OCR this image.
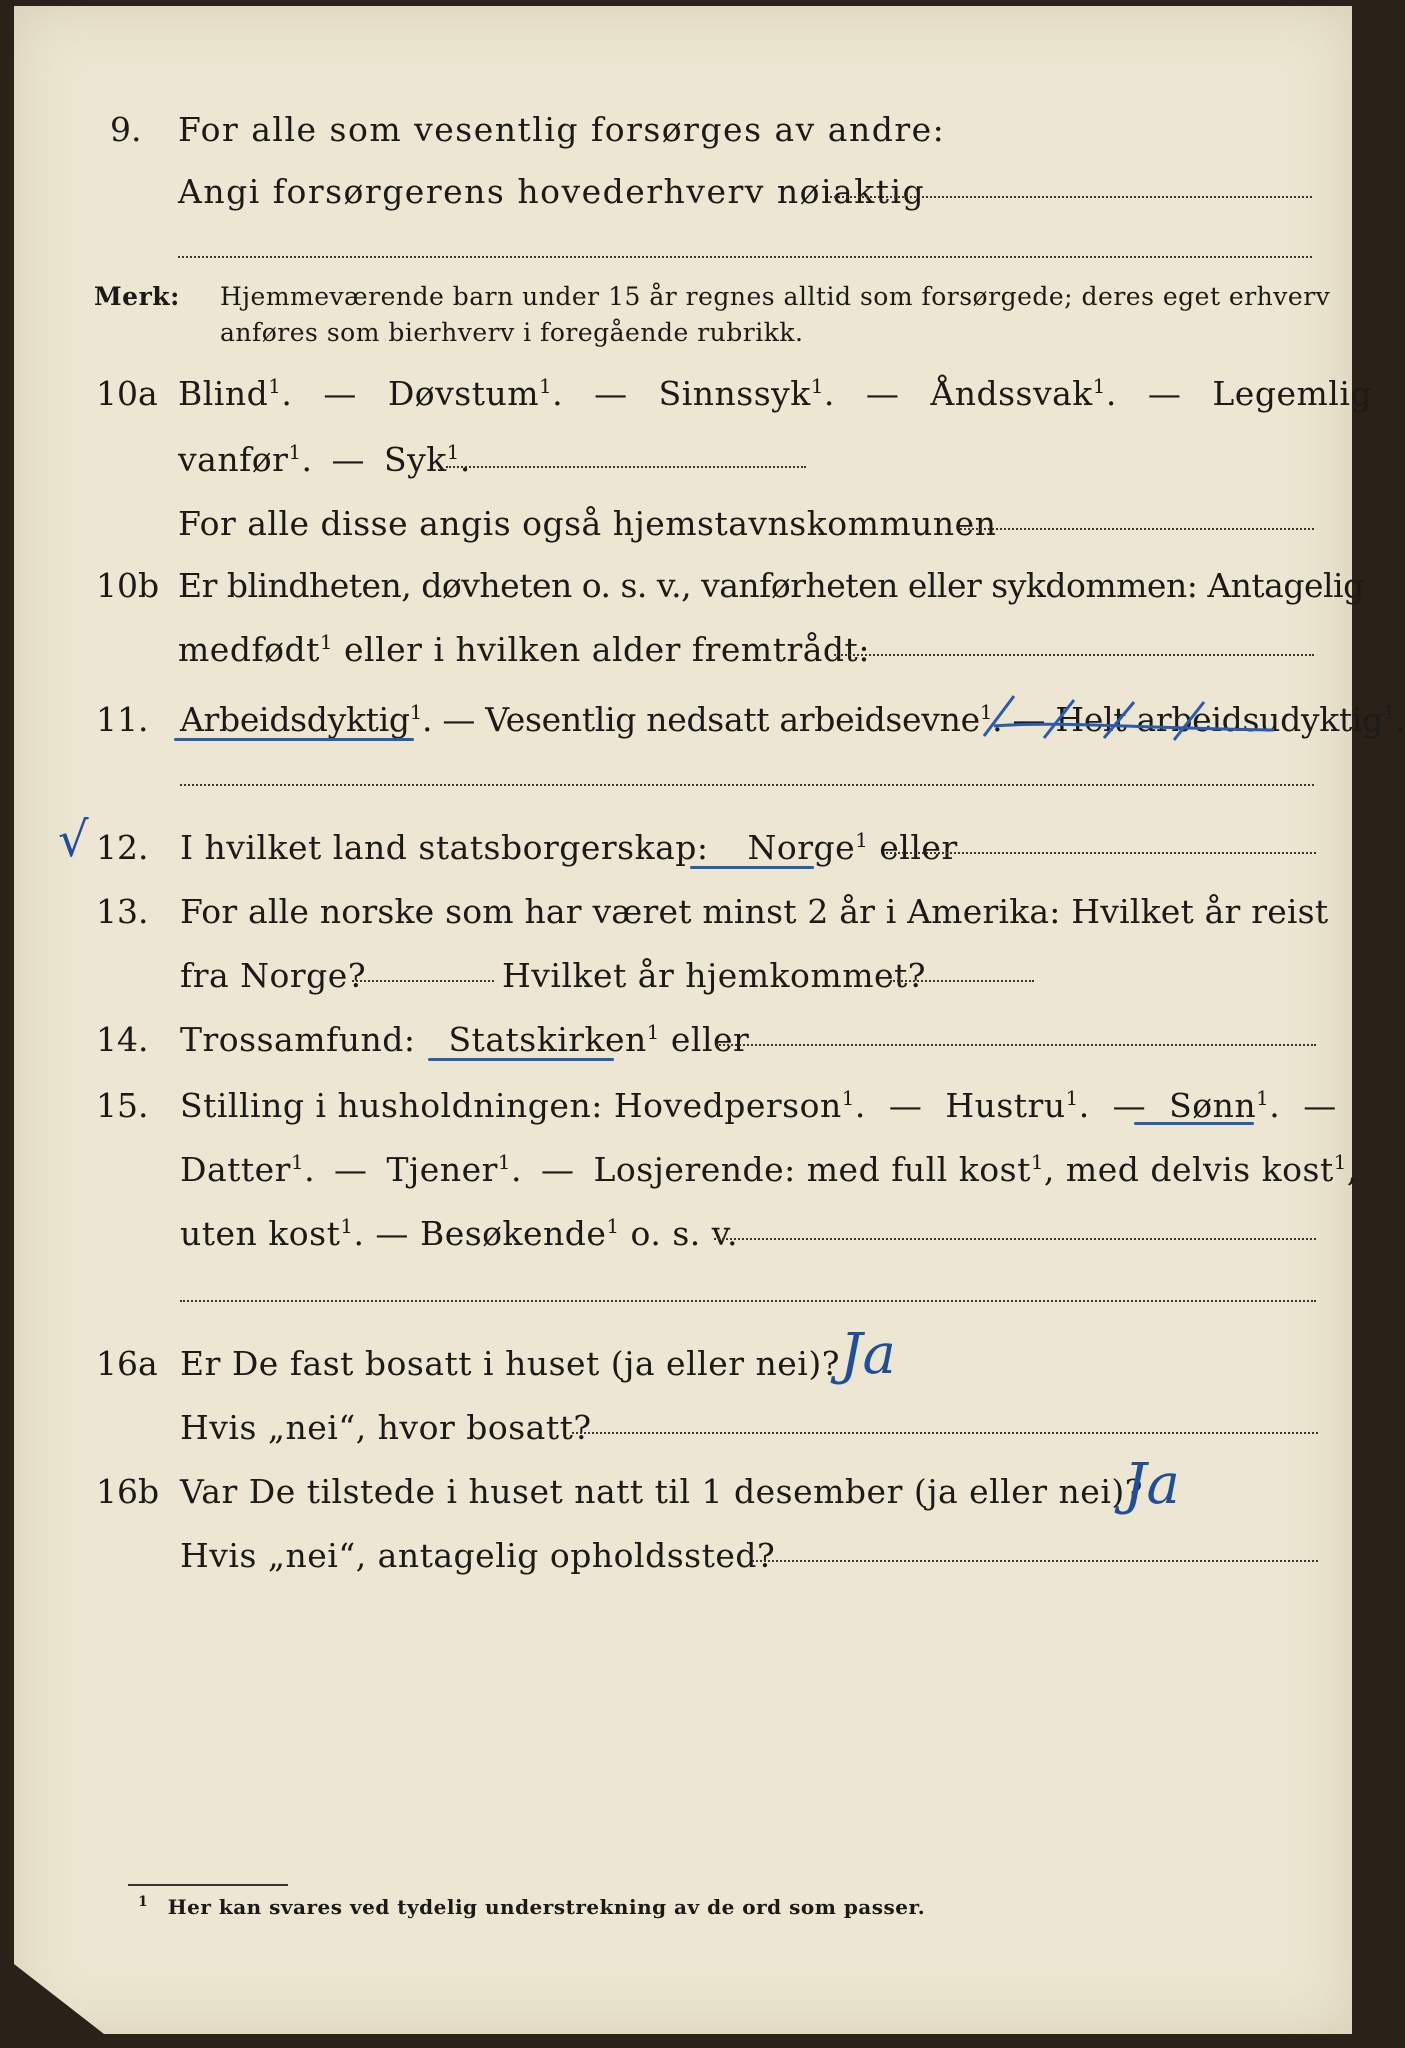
9. For alle som vesentlig forsørges av andre:
Angi forsørgerens hovederhverv nøiaktig
Merk: Hjemmeværende barn under 15 år regnes alltid som forsørgede; deres eget erhverv
anføres som bierhverv i foregående rubrikk.
10a Blind$^1$. — Døvstum$^1$. — Sinnssyk$^1$. — Åndssvak$^1$. — Legemlig
vanfør$^1$. — Syk$^1$.
For alle disse angis også hjemstavnskommunen
10b Er blindheten, døvheten o. s. v., vanførheten eller sykdommen: Antagelig
medfødt$^1$ eller i hvilken alder fremtrådt:
11. Arbeidsdyktig$^1$. — Vesentlig nedsatt arbeidsevne$^1$. — Helt arbeidsudyktig$^1$.
√ 12. I hvilket land statsborgerskap: Norge$^1$ eller
13. For alle norske som har været minst 2 år i Amerika: Hvilket år reist
fra Norge?	Hvilket år hjemkommet?
14. Trossamfund: Statskirken$^1$ eller
15. Stilling i husholdningen: Hovedperson$^1$. — Hustru$^1$. — Sønn$^1$. —
Datter$^1$. — Tjener$^1$. — Losjerende: med full kost$^1$, med delvis kost$^1$,
uten kost$^1$. — Besøkende$^1$ o. s. v.
16a Er De fast bosatt i huset (ja eller nei)? Ja
Hvis „nei“, hvor bosatt?
16b Var De tilstede i huset natt til 1 desember (ja eller nei)?
Ja
Hvis „nei“, antagelig opholdssted?
$^1$ Her kan svares ved tydelig understrekning av de ord som passer.
